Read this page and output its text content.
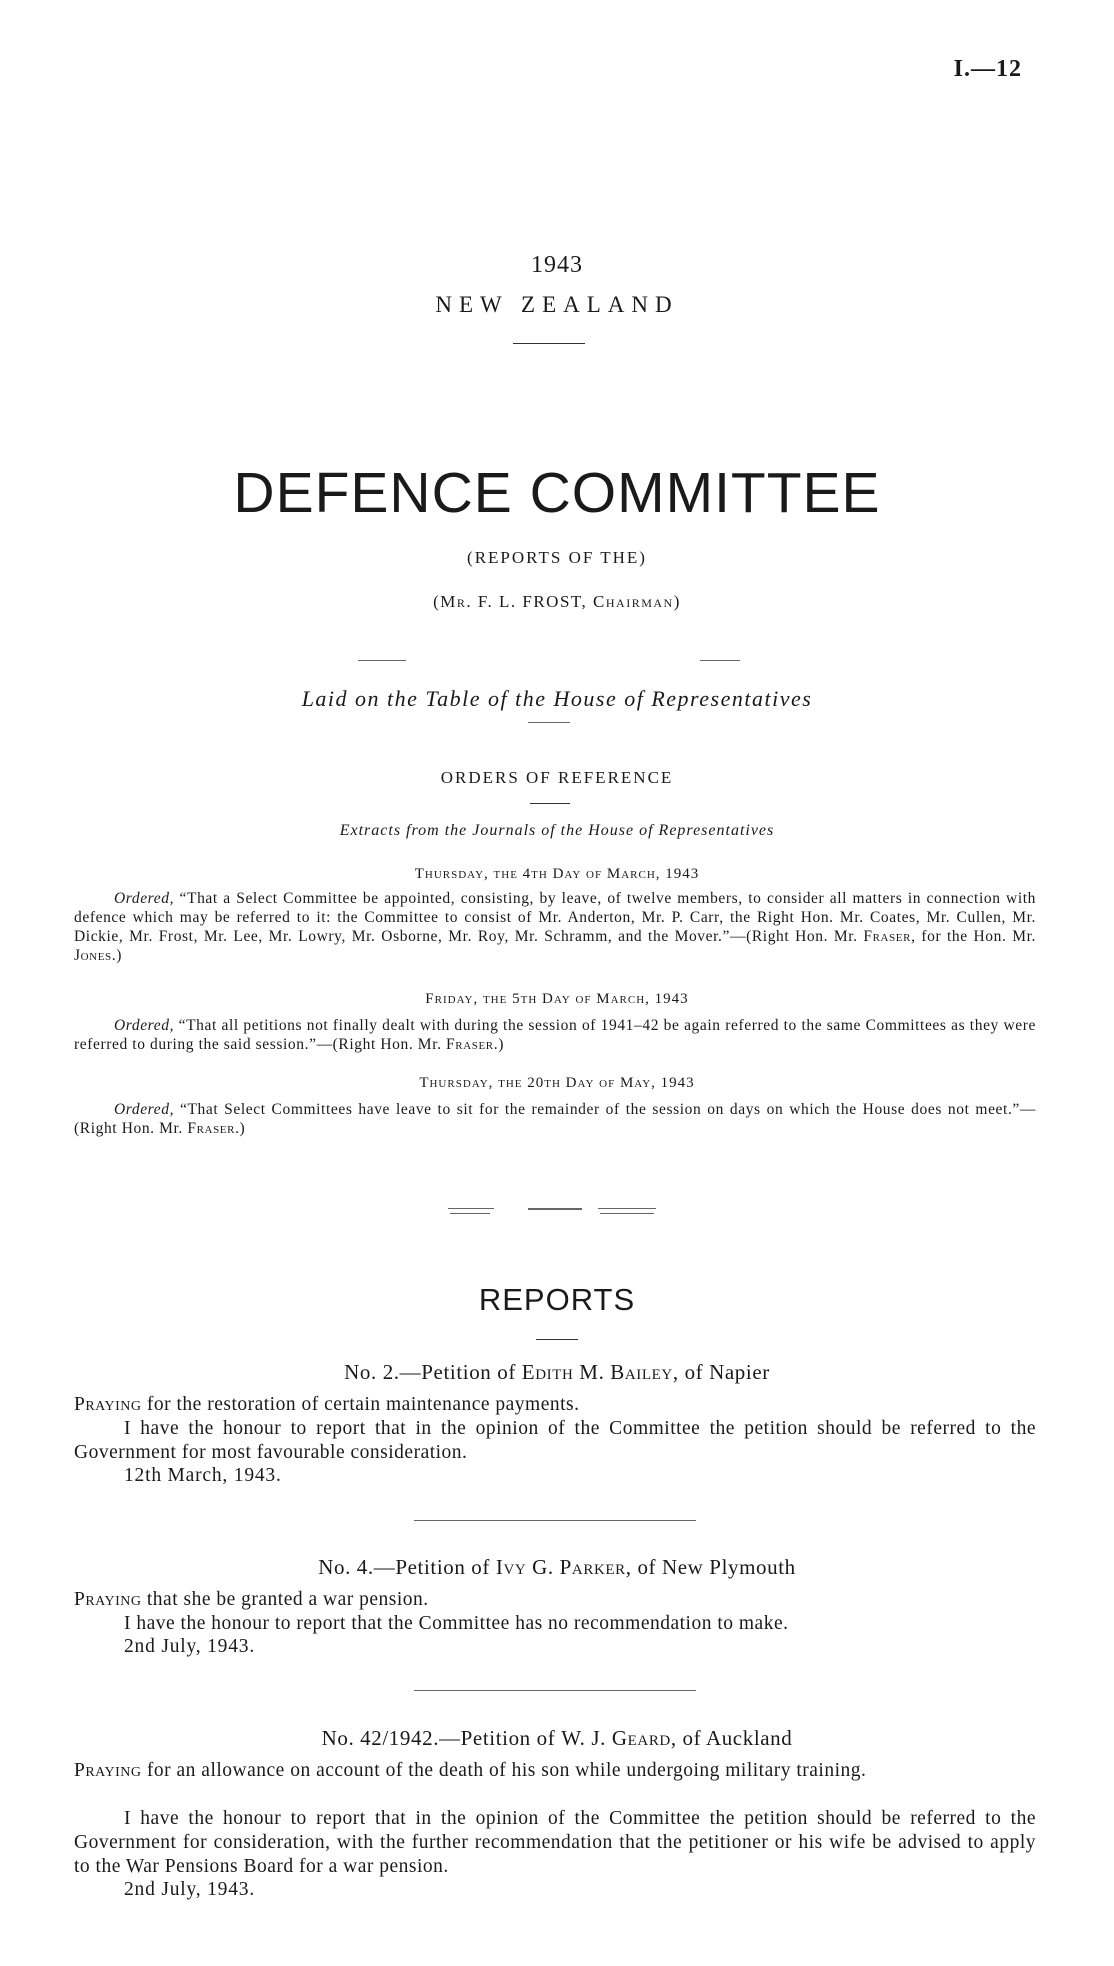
I.—12
1943
NEW ZEALAND
DEFENCE COMMITTEE
(REPORTS OF THE)
(Mr. F. L. FROST, Chairman)
Laid on the Table of the House of Representatives
ORDERS OF REFERENCE
Extracts from the Journals of the House of Representatives
Thursday, the 4th Day of March, 1943
Ordered, “That a Select Committee be appointed, consisting, by leave, of twelve members, to consider all matters in connection with defence which may be referred to it: the Committee to consist of Mr. Anderton, Mr. P. Carr, the Right Hon. Mr. Coates, Mr. Cullen, Mr. Dickie, Mr. Frost, Mr. Lee, Mr. Lowry, Mr. Osborne, Mr. Roy, Mr. Schramm, and the Mover.”—(Right Hon. Mr. Fraser, for the Hon. Mr. Jones.)
Friday, the 5th Day of March, 1943
Ordered, “That all petitions not finally dealt with during the session of 1941–42 be again referred to the same Committees as they were referred to during the said session.”—(Right Hon. Mr. Fraser.)
Thursday, the 20th Day of May, 1943
Ordered, “That Select Committees have leave to sit for the remainder of the session on days on which the House does not meet.”—(Right Hon. Mr. Fraser.)
REPORTS
No. 2.—Petition of Edith M. Bailey, of Napier
Praying for the restoration of certain maintenance payments.
I have the honour to report that in the opinion of the Committee the petition should be referred to the Government for most favourable consideration.
12th March, 1943.
No. 4.—Petition of Ivy G. Parker, of New Plymouth
Praying that she be granted a war pension.
I have the honour to report that the Committee has no recommendation to make.
2nd July, 1943.
No. 42/1942.—Petition of W. J. Geard, of Auckland
Praying for an allowance on account of the death of his son while undergoing military training.
I have the honour to report that in the opinion of the Committee the petition should be referred to the Government for consideration, with the further recommendation that the petitioner or his wife be advised to apply to the War Pensions Board for a war pension.
2nd July, 1943.
